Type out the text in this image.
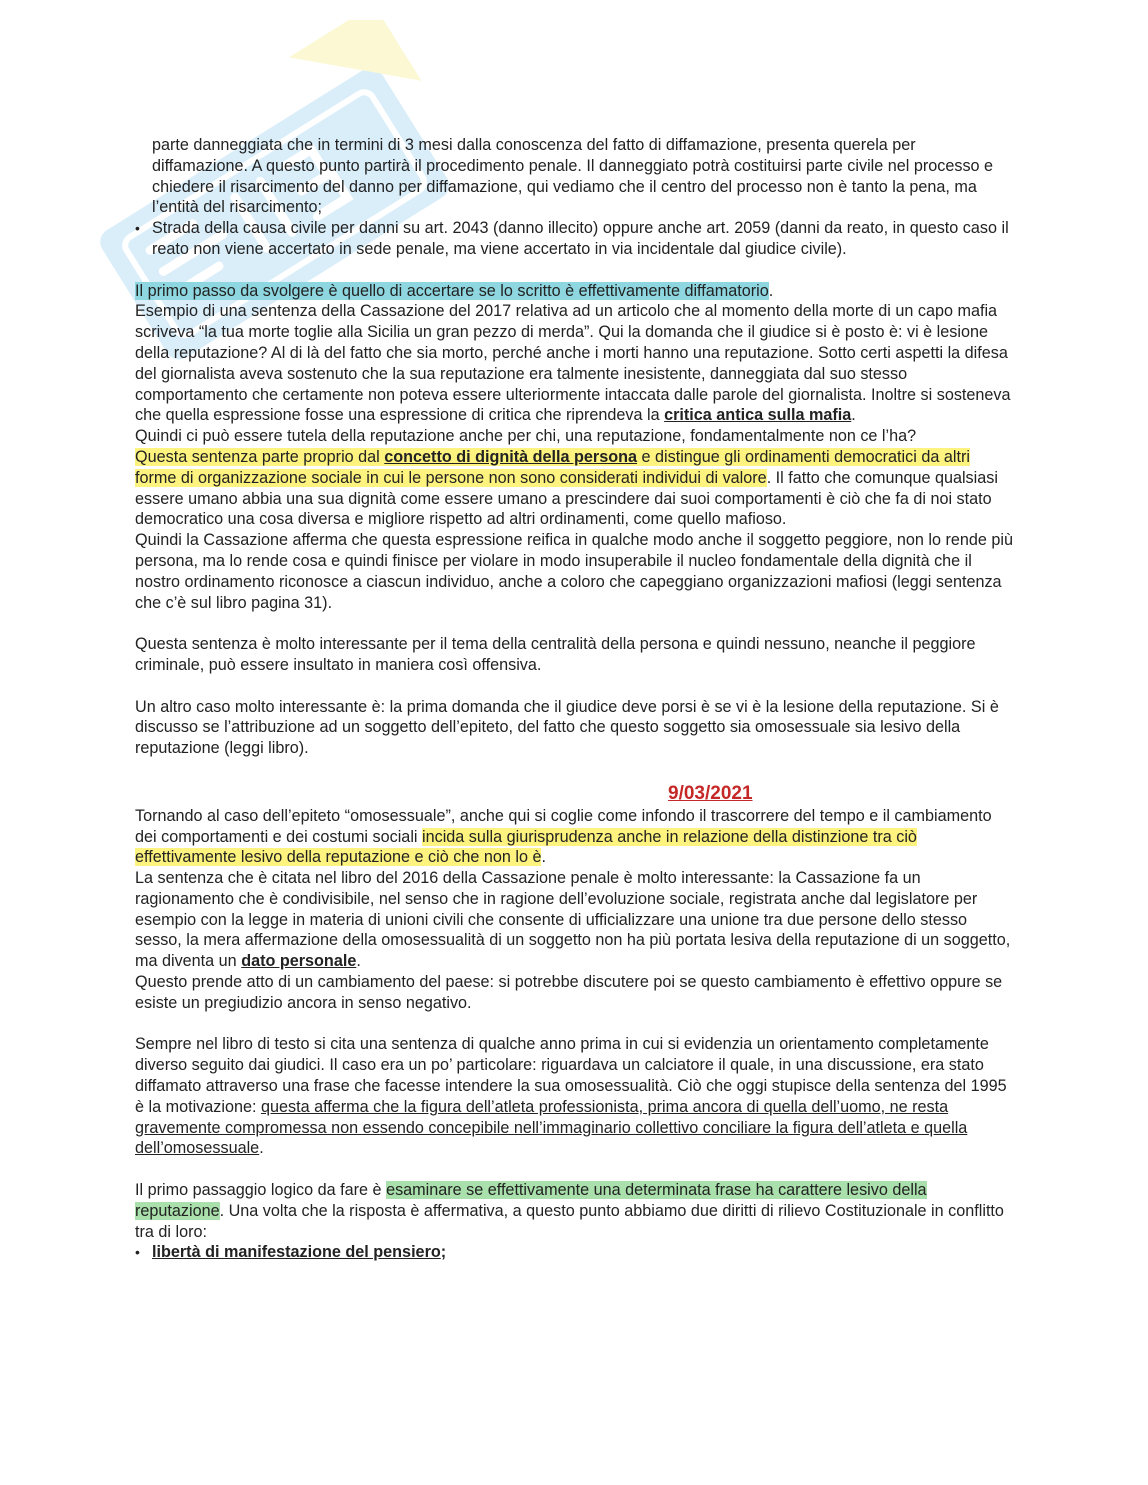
parte danneggiata che in termini di 3 mesi dalla conoscenza del fatto di diffamazione, presenta querela per diffamazione. A questo punto partirà il procedimento penale. Il danneggiato potrà costituirsi parte civile nel processo e chiedere il risarcimento del danno per diffamazione, qui vediamo che il centro del processo non è tanto la pena, ma l’entità del risarcimento;

• Strada della causa civile per danni su art. 2043 (danno illecito) oppure anche art. 2059 (danni da reato, in questo caso il reato non viene accertato in sede penale, ma viene accertato in via incidentale dal giudice civile).

Il primo passo da svolgere è quello di accertare se lo scritto è effettivamente diffamatorio.

Esempio di una sentenza della Cassazione del 2017 relativa ad un articolo che al momento della morte di un capo mafia scriveva “la tua morte toglie alla Sicilia un gran pezzo di merda”. Qui la domanda che il giudice si è posto è: vi è lesione della reputazione? Al di là del fatto che sia morto, perché anche i morti hanno una reputazione. Sotto certi aspetti la difesa del giornalista aveva sostenuto che la sua reputazione era talmente inesistente, danneggiata dal suo stesso comportamento che certamente non poteva essere ulteriormente intaccata dalle parole del giornalista. Inoltre si sosteneva che quella espressione fosse una espressione di critica che riprendeva la critica antica sulla mafia.

Quindi ci può essere tutela della reputazione anche per chi, una reputazione, fondamentalmente non ce l’ha?

Questa sentenza parte proprio dal concetto di dignità della persona e distingue gli ordinamenti democratici da altri forme di organizzazione sociale in cui le persone non sono considerati individui di valore. Il fatto che comunque qualsiasi essere umano abbia una sua dignità come essere umano a prescindere dai suoi comportamenti è ciò che fa di noi stato democratico una cosa diversa e migliore rispetto ad altri ordinamenti, come quello mafioso.

Quindi la Cassazione afferma che questa espressione reifica in qualche modo anche il soggetto peggiore, non lo rende più persona, ma lo rende cosa e quindi finisce per violare in modo insuperabile il nucleo fondamentale della dignità che il nostro ordinamento riconosce a ciascun individuo, anche a coloro che capeggiano organizzazioni mafiosi (leggi sentenza che c’è sul libro pagina 31).

Questa sentenza è molto interessante per il tema della centralità della persona e quindi nessuno, neanche il peggiore criminale, può essere insultato in maniera così offensiva.

Un altro caso molto interessante è: la prima domanda che il giudice deve porsi è se vi è la lesione della reputazione. Si è discusso se l’attribuzione ad un soggetto dell’epiteto, del fatto che questo soggetto sia omosessuale sia lesivo della reputazione (leggi libro).

9/03/2021

Tornando al caso dell’epiteto “omosessuale”, anche qui si coglie come infondo il trascorrere del tempo e il cambiamento dei comportamenti e dei costumi sociali incida sulla giurisprudenza anche in relazione della distinzione tra ciò effettivamente lesivo della reputazione e ciò che non lo è.

La sentenza che è citata nel libro del 2016 della Cassazione penale è molto interessante: la Cassazione fa un ragionamento che è condivisibile, nel senso che in ragione dell’evoluzione sociale, registrata anche dal legislatore per esempio con la legge in materia di unioni civili che consente di ufficializzare una unione tra due persone dello stesso sesso, la mera affermazione della omosessualità di un soggetto non ha più portata lesiva della reputazione di un soggetto, ma diventa un dato personale.

Questo prende atto di un cambiamento del paese: si potrebbe discutere poi se questo cambiamento è effettivo oppure se esiste un pregiudizio ancora in senso negativo.

Sempre nel libro di testo si cita una sentenza di qualche anno prima in cui si evidenzia un orientamento completamente diverso seguito dai giudici. Il caso era un po’ particolare: riguardava un calciatore il quale, in una discussione, era stato diffamato attraverso una frase che facesse intendere la sua omosessualità. Ciò che oggi stupisce della sentenza del 1995 è la motivazione: questa afferma che la figura dell’atleta professionista, prima ancora di quella dell’uomo, ne resta gravemente compromessa non essendo concepibile nell’immaginario collettivo conciliare la figura dell’atleta e quella dell’omosessuale.

Il primo passaggio logico da fare è esaminare se effettivamente una determinata frase ha carattere lesivo della reputazione. Una volta che la risposta è affermativa, a questo punto abbiamo due diritti di rilievo Costituzionale in conflitto tra di loro:

• libertà di manifestazione del pensiero;
